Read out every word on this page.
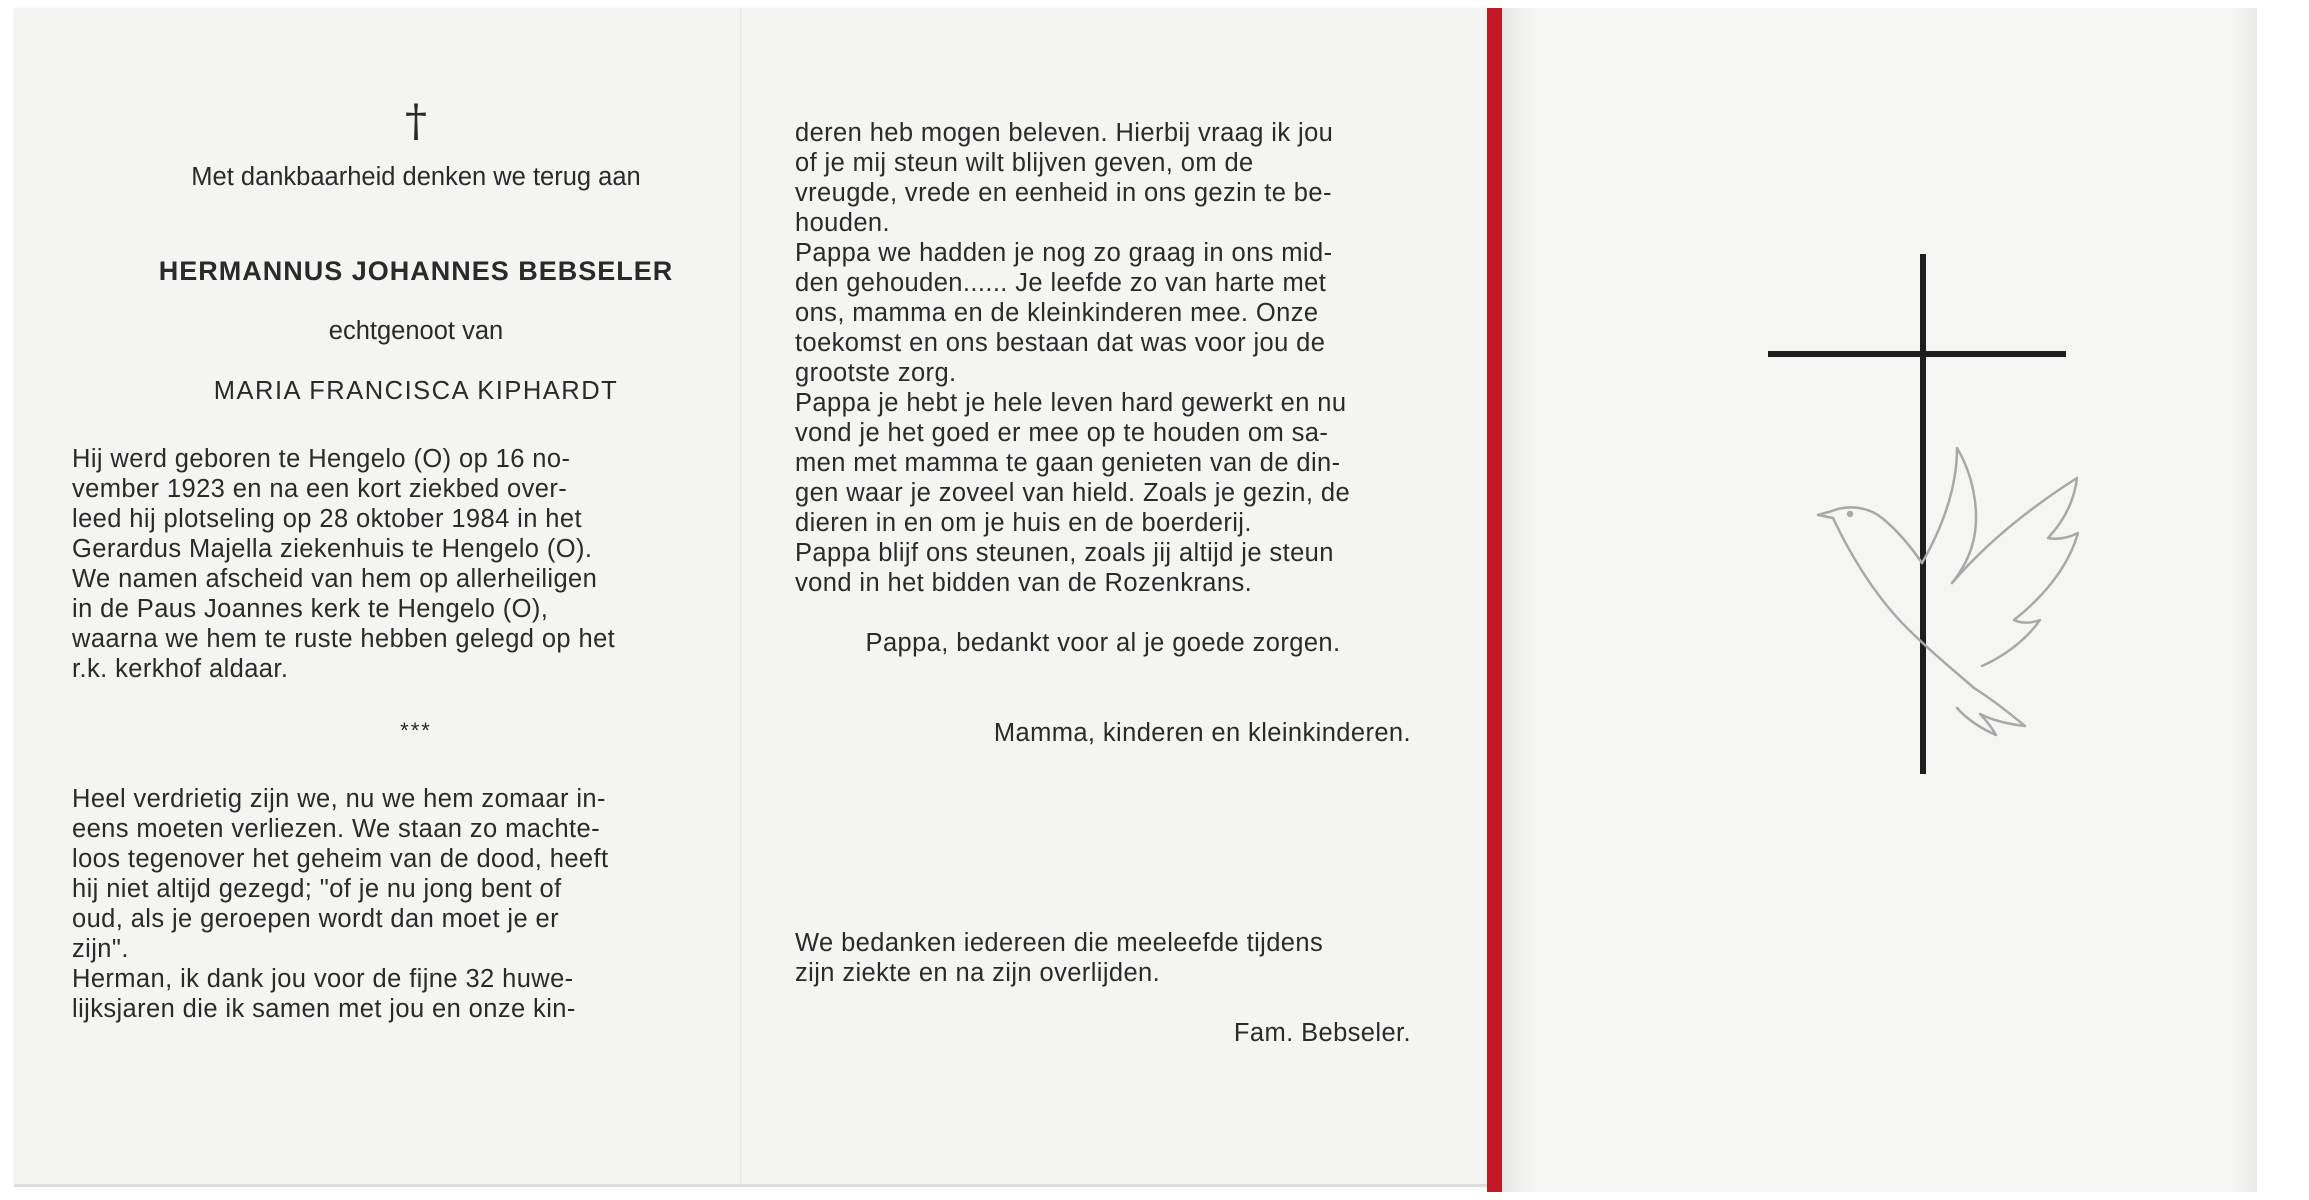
†
Met dankbaarheid denken we terug aan
HERMANNUS JOHANNES BEBSELER
echtgenoot van
MARIA FRANCISCA KIPHARDT

Hij werd geboren te Hengelo (O) op 16 no-

vember 1923 en na een kort ziekbed over-

leed hij plotseling op 28 oktober 1984 in het

Gerardus Majella ziekenhuis te Hengelo (O).

We namen afscheid van hem op allerheiligen

in de Paus Joannes kerk te Hengelo (O),

waarna we hem te ruste hebben gelegd op het

r.k. kerkhof aldaar.

***

Heel verdrietig zijn we, nu we hem zomaar in-

eens moeten verliezen. We staan zo machte-

loos tegenover het geheim van de dood, heeft

hij niet altijd gezegd; "of je nu jong bent of

oud, als je geroepen wordt dan moet je er

zijn".

Herman, ik dank jou voor de fijne 32 huwe-

lijksjaren die ik samen met jou en onze kin-

deren heb mogen beleven. Hierbij vraag ik jou

of je mij steun wilt blijven geven, om de

vreugde, vrede en eenheid in ons gezin te be-

houden.

Pappa we hadden je nog zo graag in ons mid-

den gehouden...... Je leefde zo van harte met

ons, mamma en de kleinkinderen mee. Onze

toekomst en ons bestaan dat was voor jou de

grootste zorg.

Pappa je hebt je hele leven hard gewerkt en nu

vond je het goed er mee op te houden om sa-

men met mamma te gaan genieten van de din-

gen waar je zoveel van hield. Zoals je gezin, de

dieren in en om je huis en de boerderij.

Pappa blijf ons steunen, zoals jij altijd je steun

vond in het bidden van de Rozenkrans.

Pappa, bedankt voor al je goede zorgen.

Mamma, kinderen en kleinkinderen.

We bedanken iedereen die meeleefde tijdens

zijn ziekte en na zijn overlijden.

Fam. Bebseler.
